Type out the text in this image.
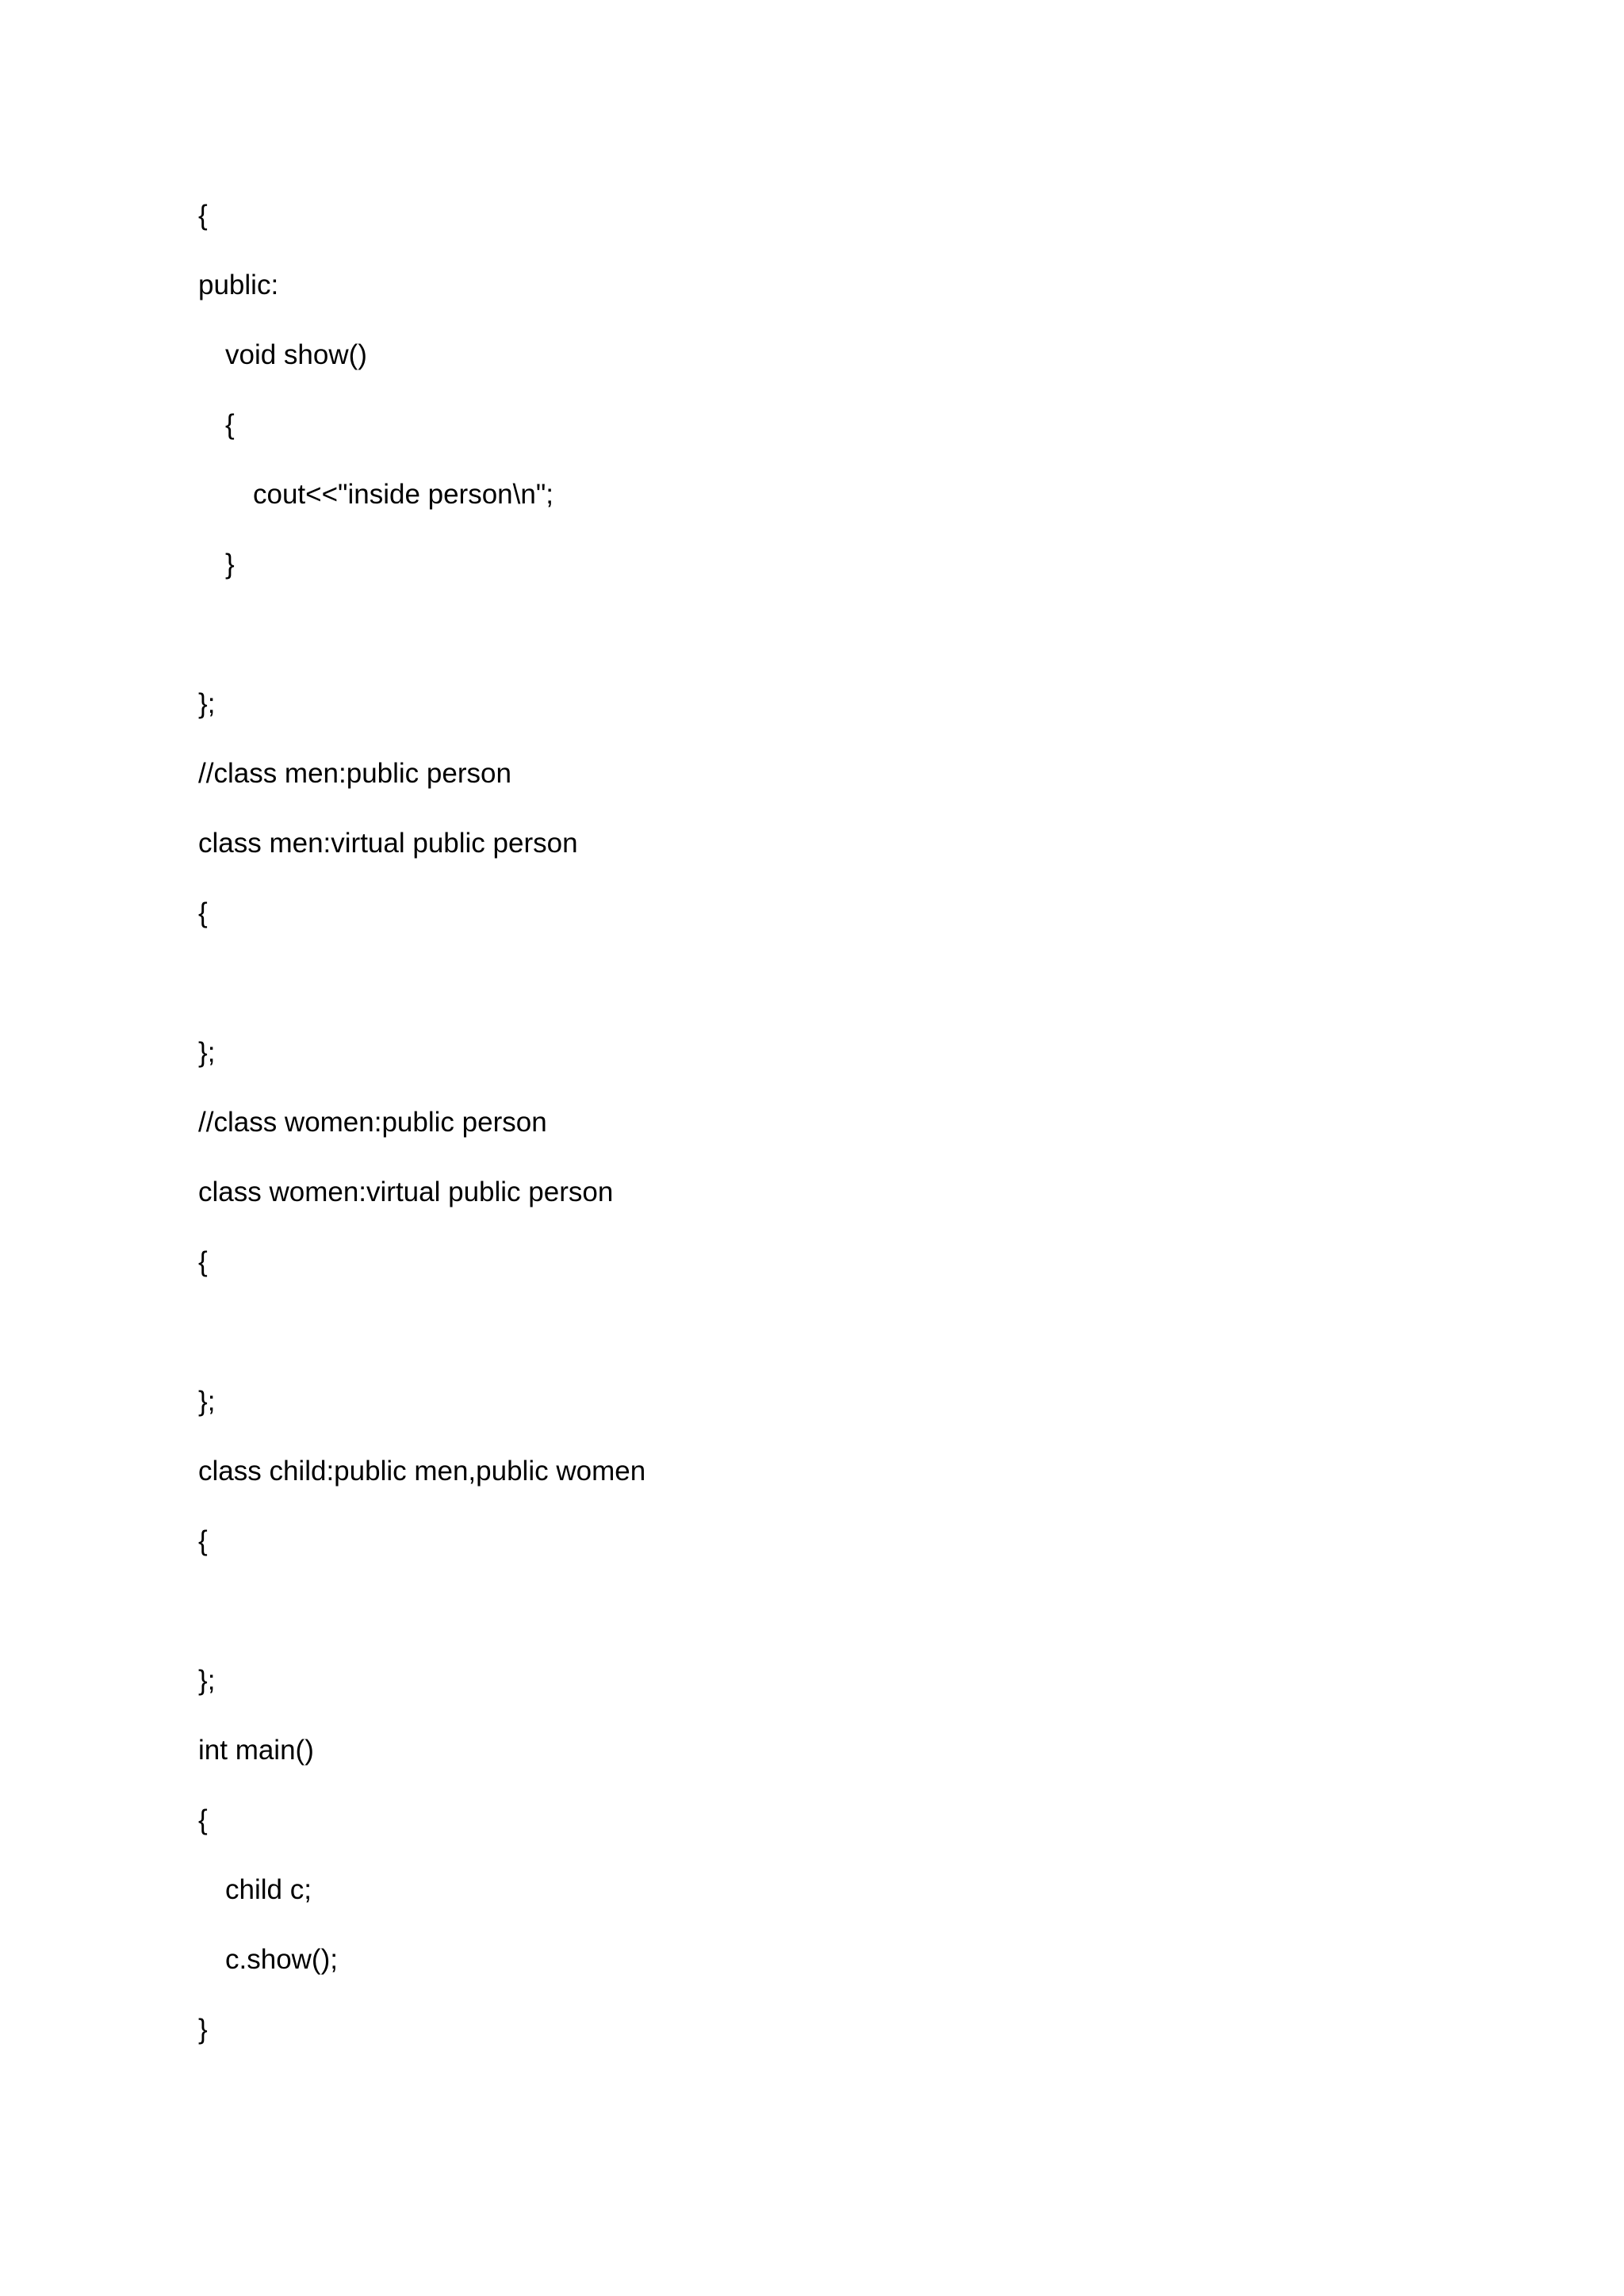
{
public:
void show()
{
cout<<"inside person\n";
}
};
//class men:public person
class men:virtual public person
{
};
//class women:public person
class women:virtual public person
{
};
class child:public men,public women
{
};
int main()
{
child c;
c.show();
}
